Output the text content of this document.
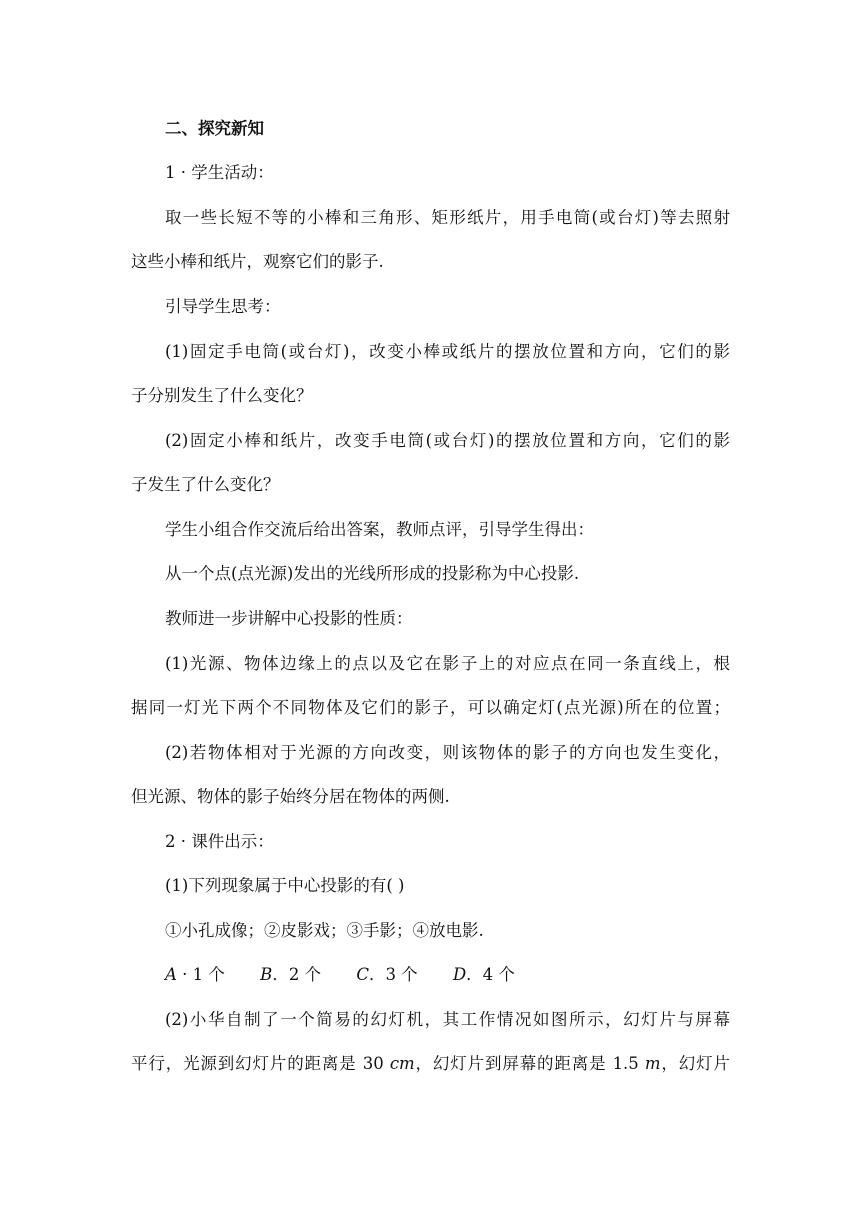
二、探究新知
1 · 学生活动：
取一些长短不等的小棒和三角形、矩形纸片，用手电筒(或台灯)等去照射
这些小棒和纸片，观察它们的影子.
引导学生思考：
(1)固定手电筒(或台灯)，改变小棒或纸片的摆放位置和方向，它们的影
子分别发生了什么变化？
(2)固定小棒和纸片，改变手电筒(或台灯)的摆放位置和方向，它们的影
子发生了什么变化？
学生小组合作交流后给出答案，教师点评，引导学生得出：
从一个点(点光源)发出的光线所形成的投影称为中心投影.
教师进一步讲解中心投影的性质：
(1)光源、物体边缘上的点以及它在影子上的对应点在同一条直线上，根
据同一灯光下两个不同物体及它们的影子，可以确定灯(点光源)所在的位置；
(2)若物体相对于光源的方向改变，则该物体的影子的方向也发生变化，
但光源、物体的影子始终分居在物体的两侧.
2 · 课件出示：
(1)下列现象属于中心投影的有( )
①小孔成像；②皮影戏；③手影；④放电影.
A · 1 个 B．2 个 C．3 个 D．4 个
(2)小华自制了一个简易的幻灯机，其工作情况如图所示，幻灯片与屏幕
平行，光源到幻灯片的距离是 30 cm，幻灯片到屏幕的距离是 1.5 m，幻灯片
